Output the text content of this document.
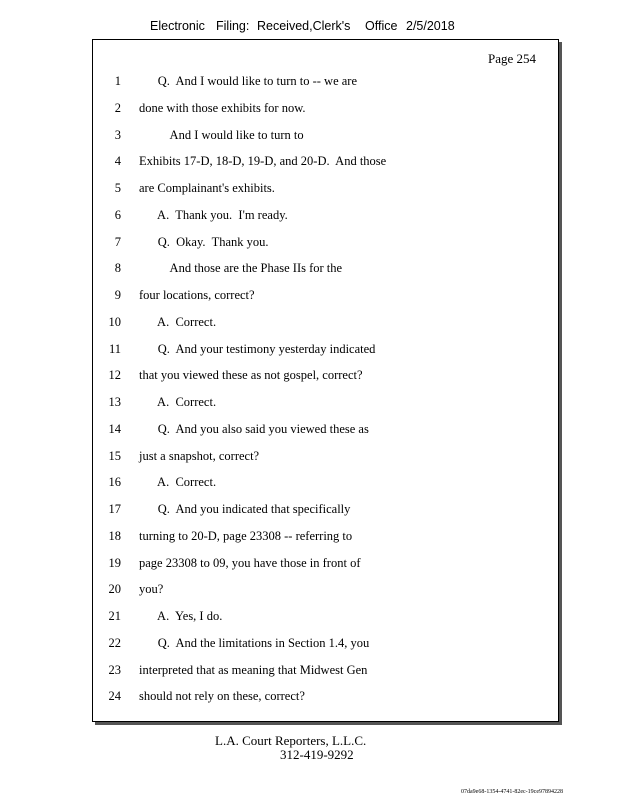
Electronic Filing: Received,Clerk's Office 2/5/2018
Page 254
1 Q.  And I would like to turn to -- we are
2 done with those exhibits for now.
3 And I would like to turn to
4 Exhibits 17-D, 18-D, 19-D, and 20-D.  And those
5 are Complainant's exhibits.
6 A.  Thank you.  I'm ready.
7 Q.  Okay.  Thank you.
8 And those are the Phase IIs for the
9 four locations, correct?
10 A.  Correct.
11 Q.  And your testimony yesterday indicated
12 that you viewed these as not gospel, correct?
13 A.  Correct.
14 Q.  And you also said you viewed these as
15 just a snapshot, correct?
16 A.  Correct.
17 Q.  And you indicated that specifically
18 turning to 20-D, page 23308 -- referring to
19 page 23308 to 09, you have those in front of
20 you?
21 A.  Yes, I do.
22 Q.  And the limitations in Section 1.4, you
23 interpreted that as meaning that Midwest Gen
24 should not rely on these, correct?
L.A. Court Reporters, L.L.C.
312-419-9292
07da9e68-1354-4741-82ec-19ce97894228
